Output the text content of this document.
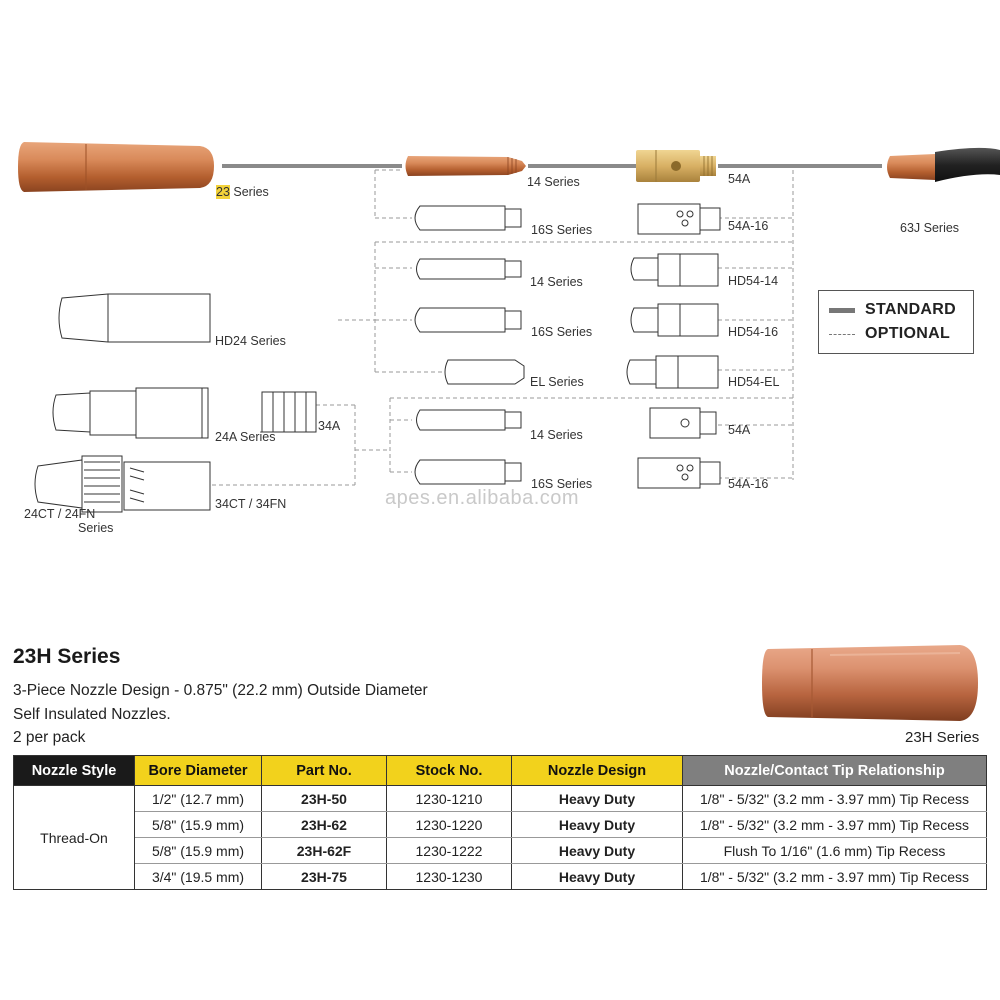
23 Series
14 Series	54A
63J Series
16S Series	54A-16
14 Series	HD54-14
HD24 Series
16S Series	HD54-16
EL Series	HD54-EL
24A Series
34A
14 Series	54A
34CT / 34FN
24CT / 24FN
Series
16S Series	54A-16
STANDARD
OPTIONAL
apes.en.alibaba.com
23H Series
3-Piece Nozzle Design - 0.875" (22.2 mm) Outside Diameter
Self Insulated Nozzles.
2 per pack	23H Series
Nozzle Style	Bore Diameter	Part No.	Stock No.	Nozzle Design	Nozzle/Contact Tip Relationship
Thread-On	1/2" (12.7 mm)	23H-50	1230-1210	Heavy Duty	1/8" - 5/32" (3.2 mm - 3.97 mm) Tip Recess
	5/8" (15.9 mm)	23H-62	1230-1220	Heavy Duty	1/8" - 5/32" (3.2 mm - 3.97 mm) Tip Recess
	5/8" (15.9 mm)	23H-62F	1230-1222	Heavy Duty	Flush To 1/16" (1.6 mm) Tip Recess
	3/4" (19.5 mm)	23H-75	1230-1230	Heavy Duty	1/8" - 5/32" (3.2 mm - 3.97 mm) Tip Recess
